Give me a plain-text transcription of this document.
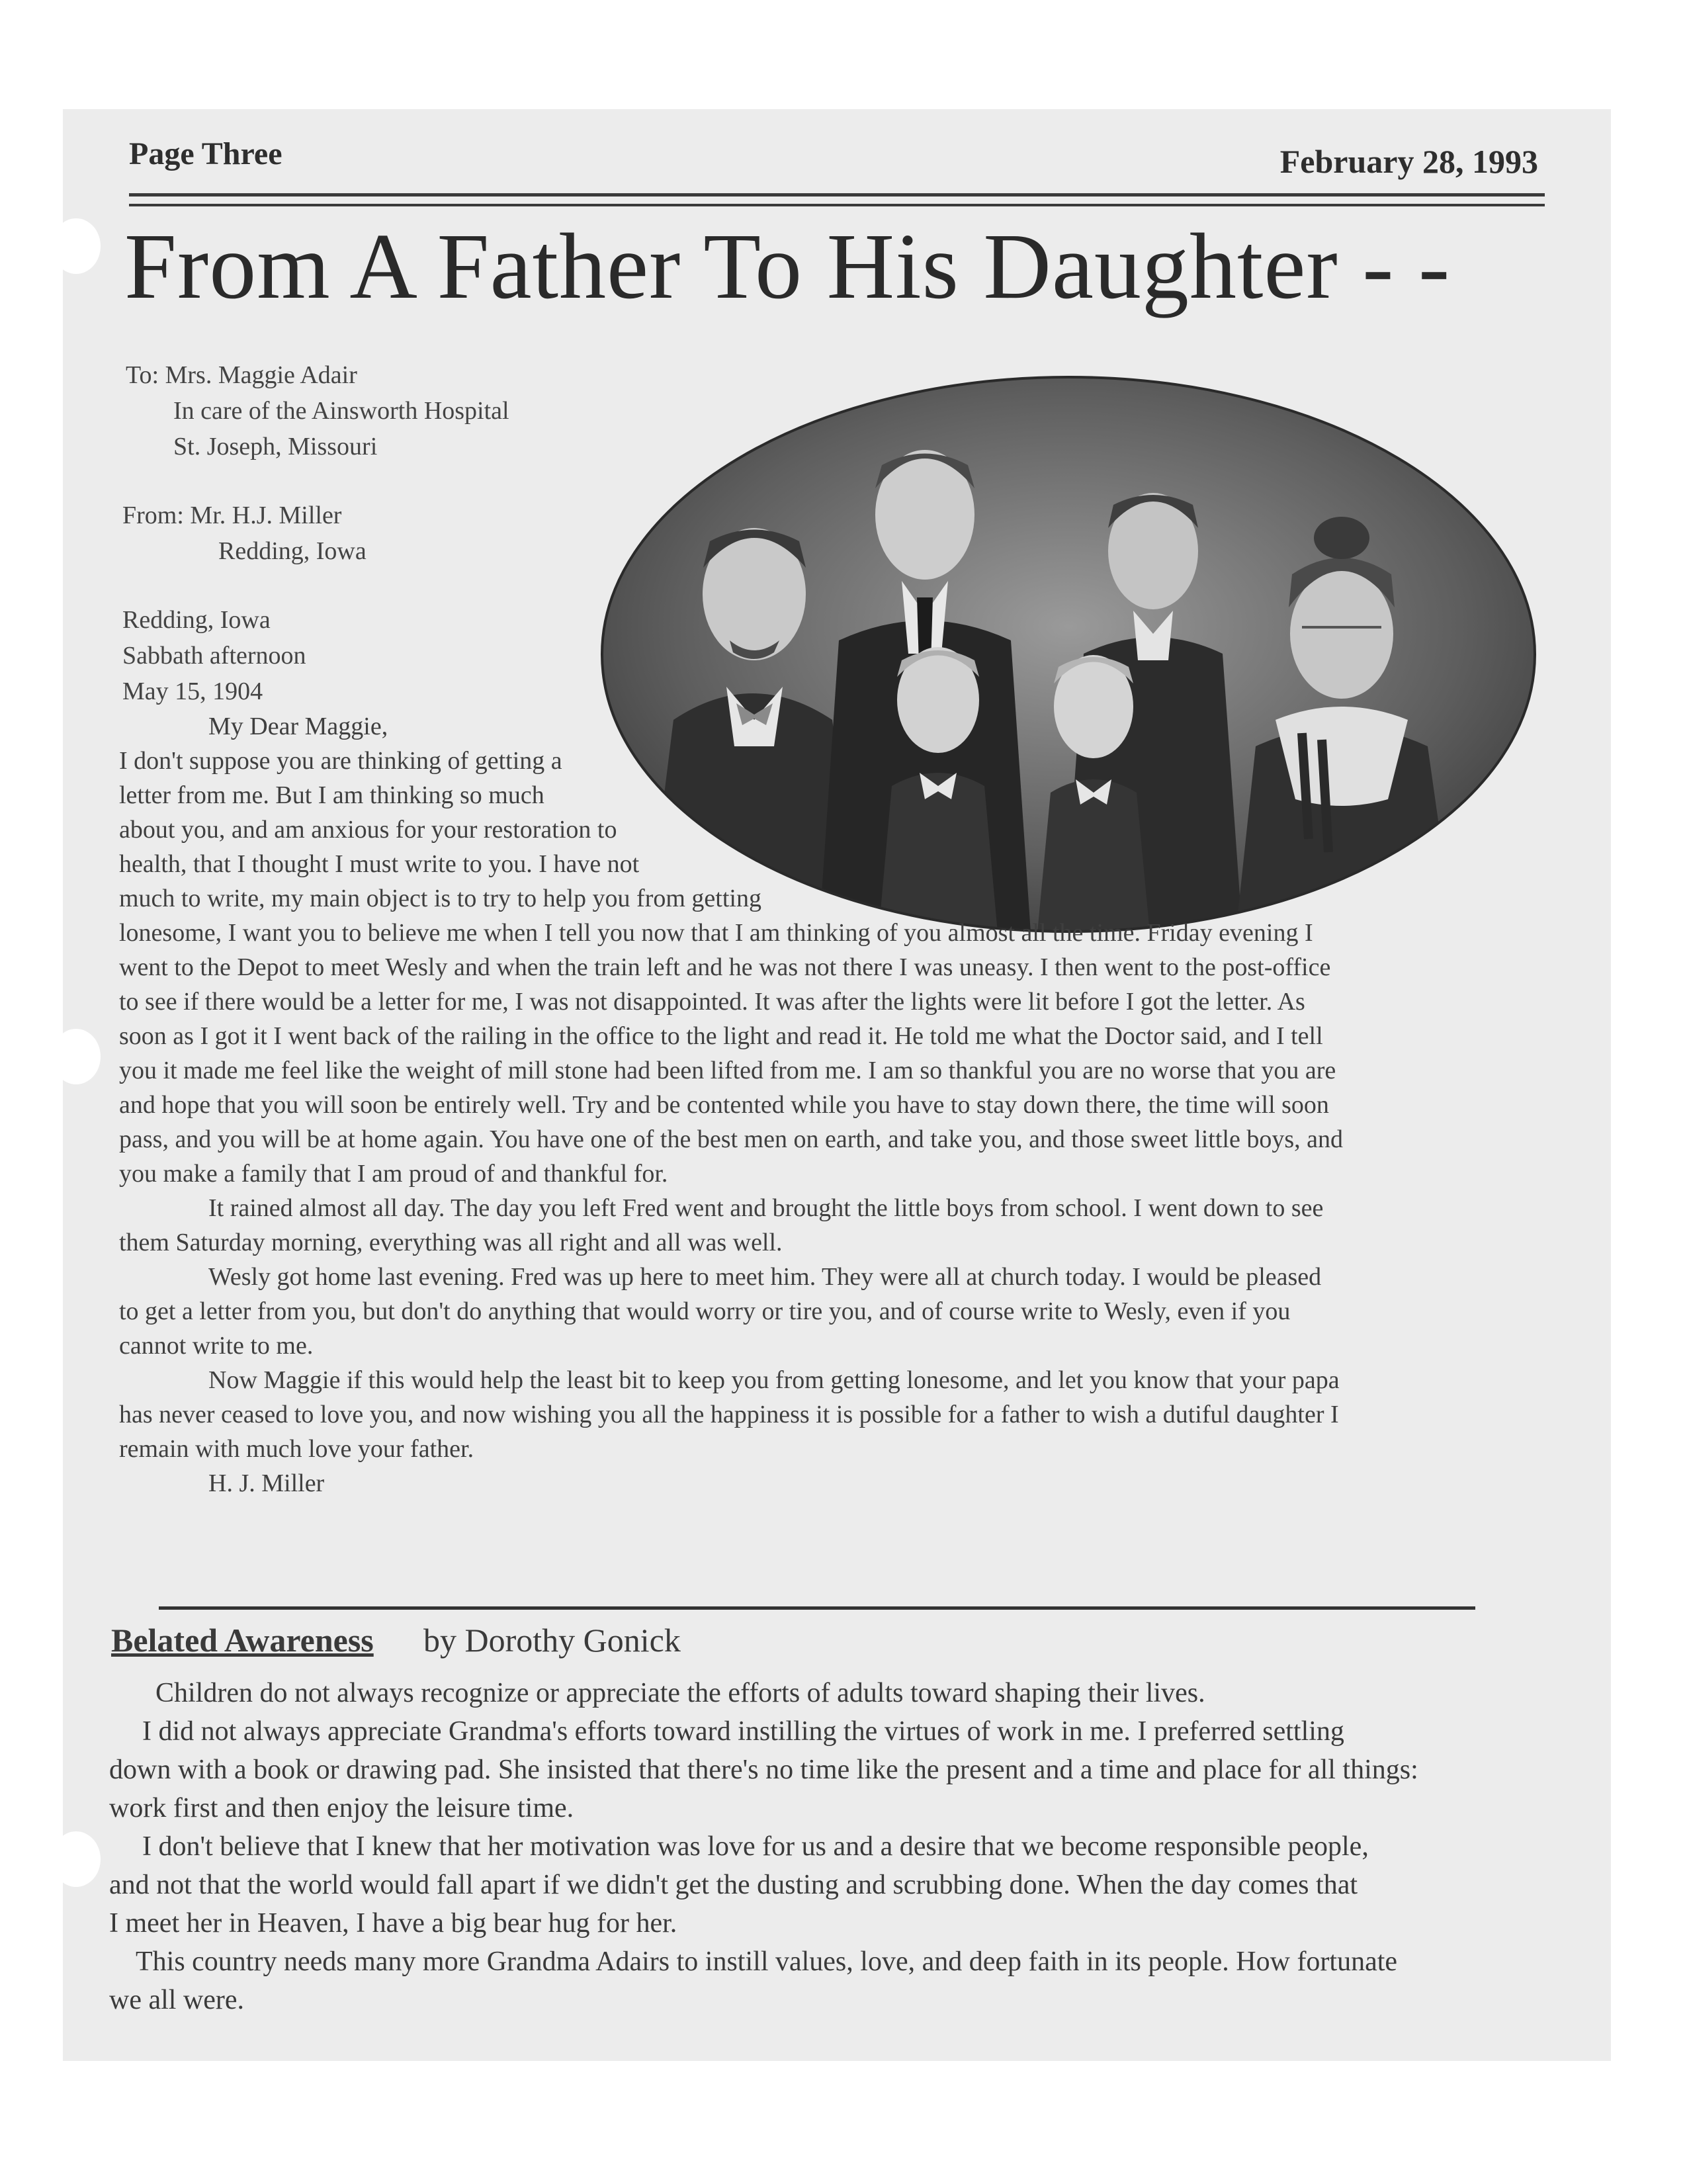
Page Three	February 28, 1993
From A Father To His Daughter - -
To: Mrs. Maggie Adair
In care of the Ainsworth Hospital
St. Joseph, Missouri
From: Mr. H.J. Miller
Redding, Iowa
Redding, Iowa
Sabbath afternoon
May 15, 1904
My Dear Maggie,
I don't suppose you are thinking of getting a
letter from me. But I am thinking so much
about you, and am anxious for your restoration to
health, that I thought I must write to you. I have not
much to write, my main object is to try to help you from getting
lonesome, I want you to believe me when I tell you now that I am thinking of you almost all the time. Friday evening I
went to the Depot to meet Wesly and when the train left and he was not there I was uneasy. I then went to the post-office
to see if there would be a letter for me, I was not disappointed. It was after the lights were lit before I got the letter. As
soon as I got it I went back of the railing in the office to the light and read it. He told me what the Doctor said, and I tell
you it made me feel like the weight of mill stone had been lifted from me. I am so thankful you are no worse that you are
and hope that you will soon be entirely well. Try and be contented while you have to stay down there, the time will soon
pass, and you will be at home again. You have one of the best men on earth, and take you, and those sweet little boys, and
you make a family that I am proud of and thankful for.
It rained almost all day. The day you left Fred went and brought the little boys from school. I went down to see
them Saturday morning, everything was all right and all was well.
Wesly got home last evening. Fred was up here to meet him. They were all at church today. I would be pleased
to get a letter from you, but don't do anything that would worry or tire you, and of course write to Wesly, even if you
cannot write to me.
Now Maggie if this would help the least bit to keep you from getting lonesome, and let you know that your papa
has never ceased to love you, and now wishing you all the happiness it is possible for a father to wish a dutiful daughter I
remain with much love your father.
H. J. Miller
Belated Awareness by Dorothy Gonick
Children do not always recognize or appreciate the efforts of adults toward shaping their lives.
I did not always appreciate Grandma's efforts toward instilling the virtues of work in me. I preferred settling
down with a book or drawing pad. She insisted that there's no time like the present and a time and place for all things:
work first and then enjoy the leisure time.
I don't believe that I knew that her motivation was love for us and a desire that we become responsible people,
and not that the world would fall apart if we didn't get the dusting and scrubbing done. When the day comes that
I meet her in Heaven, I have a big bear hug for her.
This country needs many more Grandma Adairs to instill values, love, and deep faith in its people. How fortunate
we all were.
